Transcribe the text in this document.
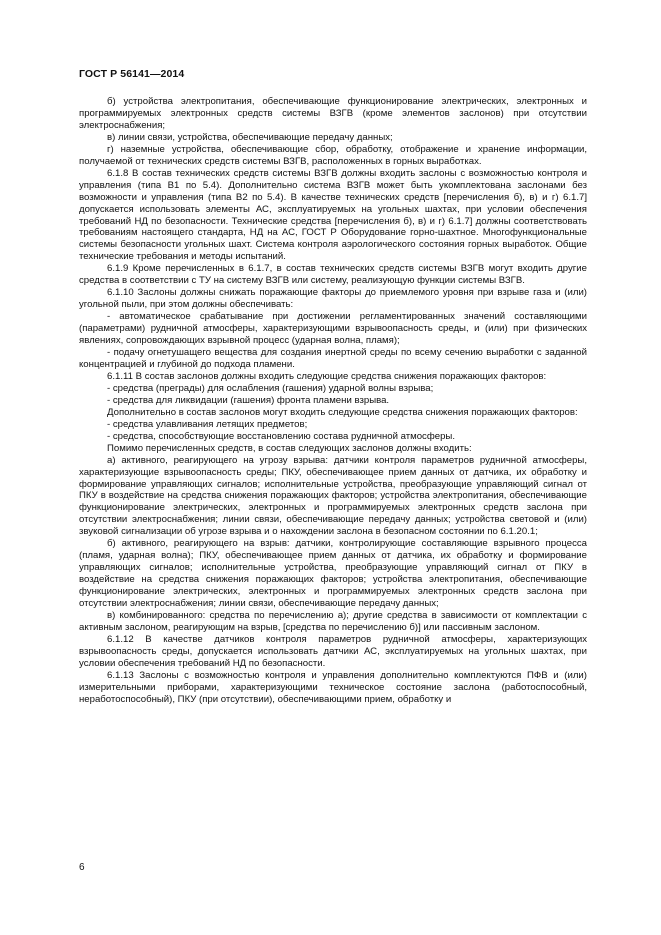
ГОСТ Р 56141—2014

б) устройства электропитания, обеспечивающие функционирование электрических, электронных и программируемых электронных средств системы ВЗГВ (кроме элементов заслонов) при отсутствии электроснабжения;

в) линии связи, устройства, обеспечивающие передачу данных;

г) наземные устройства, обеспечивающие сбор, обработку, отображение и хранение информации, получаемой от технических средств системы ВЗГВ, расположенных в горных выработках.

6.1.8 В состав технических средств системы ВЗГВ должны входить заслоны с возможностью контроля и управления (типа В1 по 5.4). Дополнительно система ВЗГВ может быть укомплектована заслонами без возможности и управления (типа В2 по 5.4). В качестве технических средств [перечисления б), в) и г) 6.1.7] допускается использовать элементы АС, эксплуатируемых на угольных шахтах, при условии обеспечения требований НД по безопасности. Технические средства [перечисления б), в) и г) 6.1.7] должны соответствовать требованиям настоящего стандарта, НД на АС, ГОСТ Р Оборудование горно-шахтное. Многофункциональные системы безопасности угольных шахт. Система контроля аэрологического состояния горных выработок. Общие технические требования и методы испытаний.

6.1.9 Кроме перечисленных в 6.1.7, в состав технических средств системы ВЗГВ могут входить другие средства в соответствии с ТУ на систему ВЗГВ или систему, реализующую функции системы ВЗГВ.

6.1.10 Заслоны должны снижать поражающие факторы до приемлемого уровня при взрыве газа и (или) угольной пыли, при этом должны обеспечивать:

- автоматическое срабатывание при достижении регламентированных значений составляющими (параметрами) рудничной атмосферы, характеризующими взрывоопасность среды, и (или) при физических явлениях, сопровождающих взрывной процесс (ударная волна, пламя);

- подачу огнетушащего вещества для создания инертной среды по всему сечению выработки с заданной концентрацией и глубиной до подхода пламени.

6.1.11 В состав заслонов должны входить следующие средства снижения поражающих факторов:

- средства (преграды) для ослабления (гашения) ударной волны взрыва;

- средства для ликвидации (гашения) фронта пламени взрыва.

Дополнительно в состав заслонов могут входить следующие средства снижения поражающих факторов:

- средства улавливания летящих предметов;

- средства, способствующие восстановлению состава рудничной атмосферы.

Помимо перечисленных средств, в состав следующих заслонов должны входить:

а) активного, реагирующего на угрозу взрыва: датчики контроля параметров рудничной атмосферы, характеризующие взрывоопасность среды; ПКУ, обеспечивающее прием данных от датчика, их обработку и формирование управляющих сигналов; исполнительные устройства, преобразующие управляющий сигнал от ПКУ в воздействие на средства снижения поражающих факторов; устройства электропитания, обеспечивающие функционирование электрических, электронных и программируемых электронных средств заслона при отсутствии электроснабжения; линии связи, обеспечивающие передачу данных; устройства световой и (или) звуковой сигнализации об угрозе взрыва и о нахождении заслона в безопасном состоянии по 6.1.20.1;

б) активного, реагирующего на взрыв: датчики, контролирующие составляющие взрывного процесса (пламя, ударная волна); ПКУ, обеспечивающее прием данных от датчика, их обработку и формирование управляющих сигналов; исполнительные устройства, преобразующие управляющий сигнал от ПКУ в воздействие на средства снижения поражающих факторов; устройства электропитания, обеспечивающие функционирование электрических, электронных и программируемых электронных средств заслона при отсутствии электроснабжения; линии связи, обеспечивающие передачу данных;

в) комбинированного: средства по перечислению а); другие средства в зависимости от комплектации с активным заслоном, реагирующим на взрыв, [средства по перечислению б)] или пассивным заслоном.

6.1.12 В качестве датчиков контроля параметров рудничной атмосферы, характеризующих взрывоопасность среды, допускается использовать датчики АС, эксплуатируемых на угольных шахтах, при условии обеспечения требований НД по безопасности.

6.1.13 Заслоны с возможностью контроля и управления дополнительно комплектуются ПФВ и (или) измерительными приборами, характеризующими техническое состояние заслона (работоспособный, неработоспособный), ПКУ (при отсутствии), обеспечивающими прием, обработку и

6
